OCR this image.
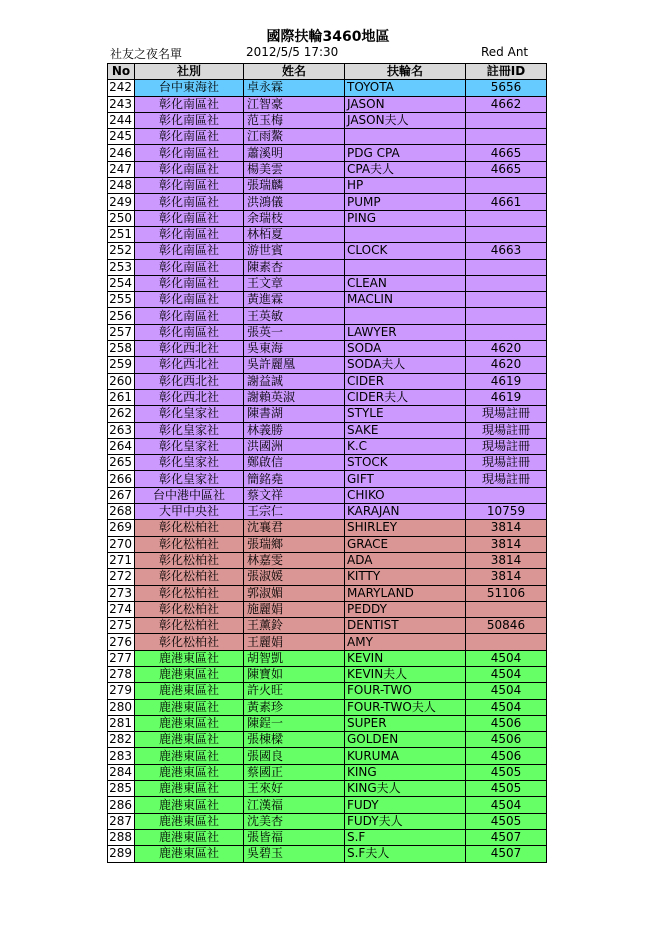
國際扶輪3460地區
社友之夜名單	2012/5/5 17:30	Red Ant
No	社別	姓名	扶輪名	註冊ID
242	台中東海社	卓永霖	TOYOTA	5656
243	彰化南區社	江智豪	JASON	4662
244	彰化南區社	范玉梅	JASON夫人	
245	彰化南區社	江雨鰲		
246	彰化南區社	蕭溪明	PDG CPA	4665
247	彰化南區社	楊美雲	CPA夫人	4665
248	彰化南區社	張瑞麟	HP	
249	彰化南區社	洪鴻儀	PUMP	4661
250	彰化南區社	余瑞枝	PING	
251	彰化南區社	林栢夏		
252	彰化南區社	游世賓	CLOCK	4663
253	彰化南區社	陳素杏		
254	彰化南區社	王文章	CLEAN	
255	彰化南區社	黃進霖	MACLIN	
256	彰化南區社	王英敏		
257	彰化南區社	張英一	LAWYER	
258	彰化西北社	吳東海	SODA	4620
259	彰化西北社	吳許麗凰	SODA夫人	4620
260	彰化西北社	謝益誠	CIDER	4619
261	彰化西北社	謝賴英淑	CIDER夫人	4619
262	彰化皇家社	陳書湖	STYLE	現場註冊
263	彰化皇家社	林義勝	SAKE	現場註冊
264	彰化皇家社	洪國洲	K.C	現場註冊
265	彰化皇家社	鄭啟信	STOCK	現場註冊
266	彰化皇家社	簡銘堯	GIFT	現場註冊
267	台中港中區社	蔡文祥	CHIKO	
268	大甲中央社	王宗仁	KARAJAN	10759
269	彰化松柏社	沈襄君	SHIRLEY	3814
270	彰化松柏社	張瑞鄉	GRACE	3814
271	彰化松柏社	林嘉雯	ADA	3814
272	彰化松柏社	張淑媛	KITTY	3814
273	彰化松柏社	郭淑媚	MARYLAND	51106
274	彰化松柏社	施麗娟	PEDDY	
275	彰化松柏社	王薰鈴	DENTIST	50846
276	彰化松柏社	王麗娟	AMY	
277	鹿港東區社	胡智凱	KEVIN	4504
278	鹿港東區社	陳寶如	KEVIN夫人	4504
279	鹿港東區社	許火旺	FOUR-TWO	4504
280	鹿港東區社	黃素珍	FOUR-TWO夫人	4504
281	鹿港東區社	陳鋥一	SUPER	4506
282	鹿港東區社	張棟樑	GOLDEN	4506
283	鹿港東區社	張國良	KURUMA	4506
284	鹿港東區社	蔡國正	KING	4505
285	鹿港東區社	王來好	KING夫人	4505
286	鹿港東區社	江漢福	FUDY	4504
287	鹿港東區社	沈美杏	FUDY夫人	4505
288	鹿港東區社	張皆福	S.F	4507
289	鹿港東區社	吳碧玉	S.F夫人	4507
